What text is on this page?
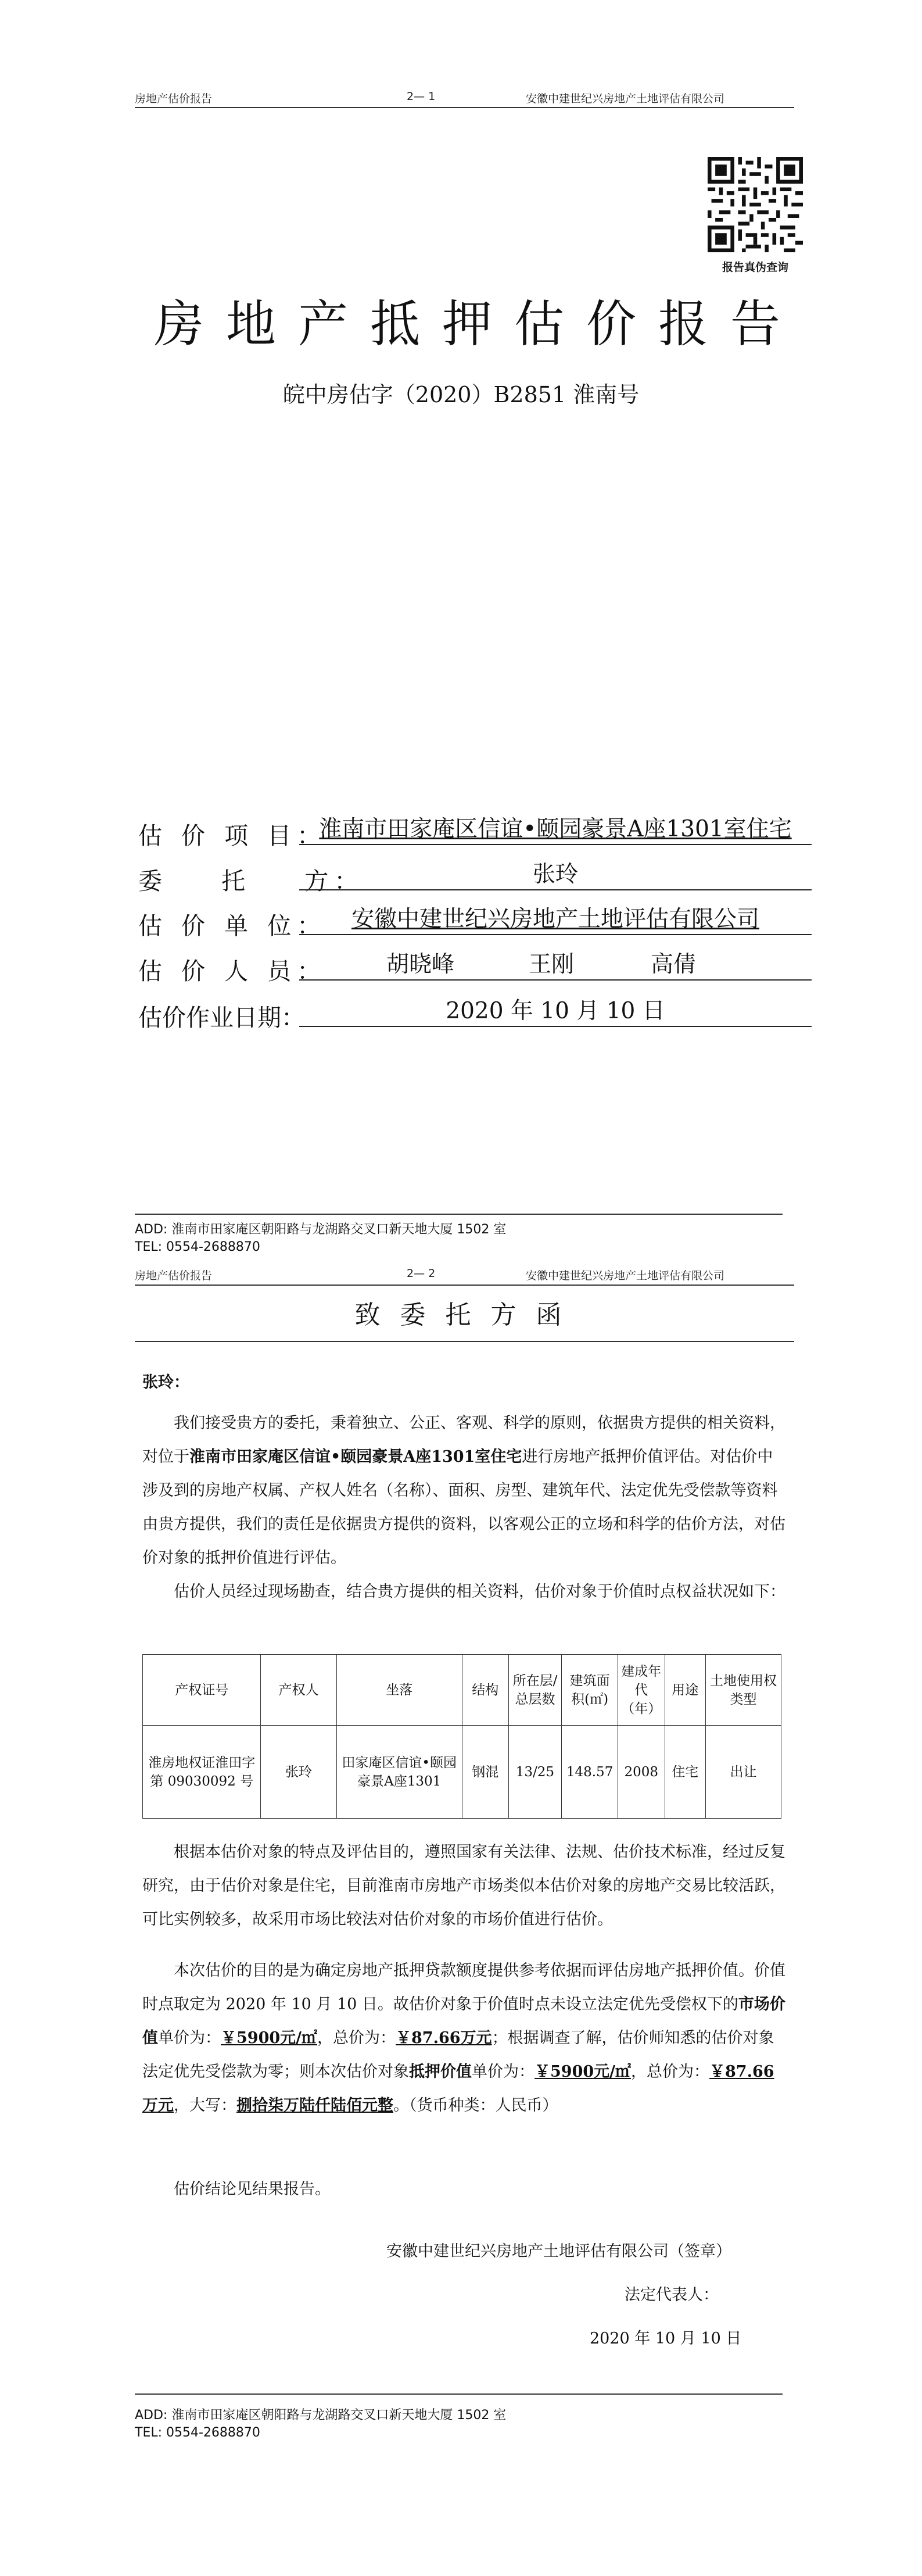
房地产估价报告	2— 1	安徽中建世纪兴房地产土地评估有限公司
报告真伪查询
房地产抵押估价报告
皖中房估字（2020）B2851 淮南号
估 价 项 目：
淮南市田家庵区信谊•颐园豪景A座1301室住宅
委    托    方：	张玲
估 价 单 位：	安徽中建世纪兴房地产土地评估有限公司
估 价 人 员：	胡晓峰	王刚	高倩
估价作业日期：	2020 年 10 月 10 日
ADD: 淮南市田家庵区朝阳路与龙湖路交叉口新天地大厦 1502 室
TEL: 0554-2688870
房地产估价报告	2— 2	安徽中建世纪兴房地产土地评估有限公司
致 委 托 方 函
张玲：
我们接受贵方的委托，秉着独立、公正、客观、科学的原则，依据贵方提供的相关资料，对位于淮南市田家庵区信谊•颐园豪景A座1301室住宅进行房地产抵押价值评估。对估价中涉及到的房地产权属、产权人姓名（名称）、面积、房型、建筑年代、法定优先受偿款等资料由贵方提供，我们的责任是依据贵方提供的资料，以客观公正的立场和科学的估价方法，对估价对象的抵押价值进行评估。
估价人员经过现场勘查，结合贵方提供的相关资料，估价对象于价值时点权益状况如下：
产权证号	产权人	坐落	结构	所在层/总层数	建筑面积(㎡)	建成年代（年）	用途	土地使用权类型
淮房地权证淮田字第 09030092 号	张玲	田家庵区信谊•颐园豪景A座1301	钢混	13/25	148.57	2008	住宅	出让
根据本估价对象的特点及评估目的，遵照国家有关法律、法规、估价技术标准，经过反复研究，由于估价对象是住宅，目前淮南市房地产市场类似本估价对象的房地产交易比较活跃，可比实例较多，故采用市场比较法对估价对象的市场价值进行估价。
本次估价的目的是为确定房地产抵押贷款额度提供参考依据而评估房地产抵押价值。价值时点取定为 2020 年 10 月 10 日。故估价对象于价值时点未设立法定优先受偿权下的市场价值单价为：￥5900元/㎡，总价为：￥87.66万元；根据调查了解，估价师知悉的估价对象法定优先受偿款为零；则本次估价对象抵押价值单价为：￥5900元/㎡，总价为：￥87.66万元，大写：捌拾柒万陆仟陆佰元整。（货币种类：人民币）
估价结论见结果报告。
安徽中建世纪兴房地产土地评估有限公司（签章）
法定代表人：
2020 年 10 月 10 日
ADD: 淮南市田家庵区朝阳路与龙湖路交叉口新天地大厦 1502 室
TEL: 0554-2688870
